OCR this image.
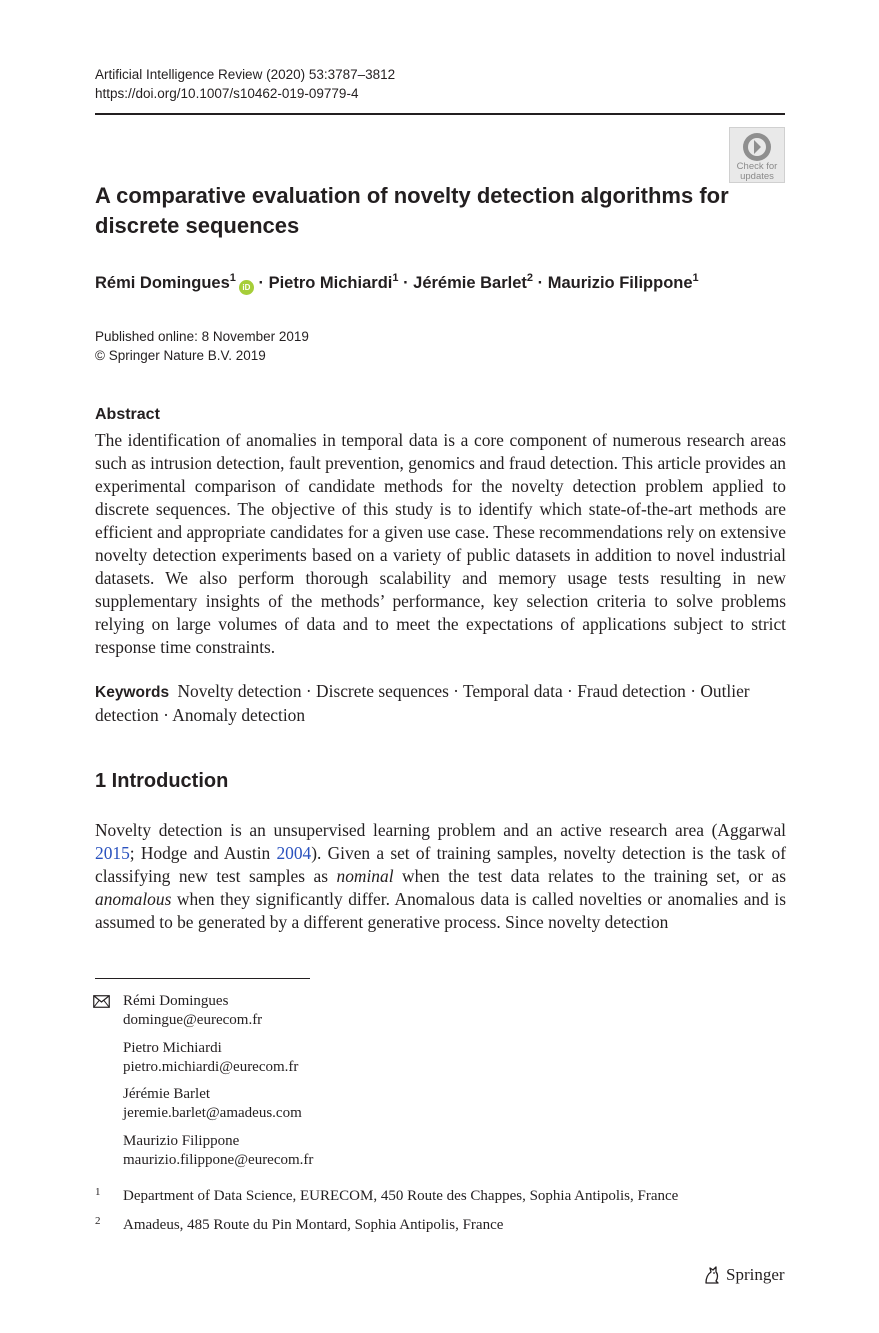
Artificial Intelligence Review (2020) 53:3787–3812
https://doi.org/10.1007/s10462-019-09779-4
Check for
updates
A comparative evaluation of novelty detection algorithms for discrete sequences
Rémi Domingues$^1$iD · Pietro Michiardi$^1$ · Jérémie Barlet$^2$ · Maurizio Filippone$^1$
Published online: 8 November 2019
© Springer Nature B.V. 2019
Abstract

The identification of anomalies in temporal data is a core component of numerous research areas such as intrusion detection, fault prevention, genomics and fraud detection. This article provides an experimental comparison of candidate methods for the novelty detection problem applied to discrete sequences. The objective of this study is to identify which state-of-the-art methods are efficient and appropriate candidates for a given use case. These recommendations rely on extensive novelty detection experiments based on a variety of public datasets in addition to novel industrial datasets. We also perform thorough scalability and memory usage tests resulting in new supplementary insights of the methods’ performance, key selection criteria to solve problems relying on large volumes of data and to meet the expectations of applications subject to strict response time constraints.

Keywords Novelty detection · Discrete sequences · Temporal data · Fraud detection · Outlier detection · Anomaly detection
1 Introduction

Novelty detection is an unsupervised learning problem and an active research area (Aggarwal 2015; Hodge and Austin 2004). Given a set of training samples, novelty detection is the task of classifying new test samples as nominal when the test data relates to the training set, or as anomalous when they significantly differ. Anomalous data is called novelties or anomalies and is assumed to be generated by a different generative process. Since novelty detection

Rémi Domingues
domingue@eurecom.fr
Pietro Michiardi
pietro.michiardi@eurecom.fr
Jérémie Barlet
jeremie.barlet@amadeus.com
Maurizio Filippone
maurizio.filippone@eurecom.fr
1 Department of Data Science, EURECOM, 450 Route des Chappes, Sophia Antipolis, France
2 Amadeus, 485 Route du Pin Montard, Sophia Antipolis, France
Springer
